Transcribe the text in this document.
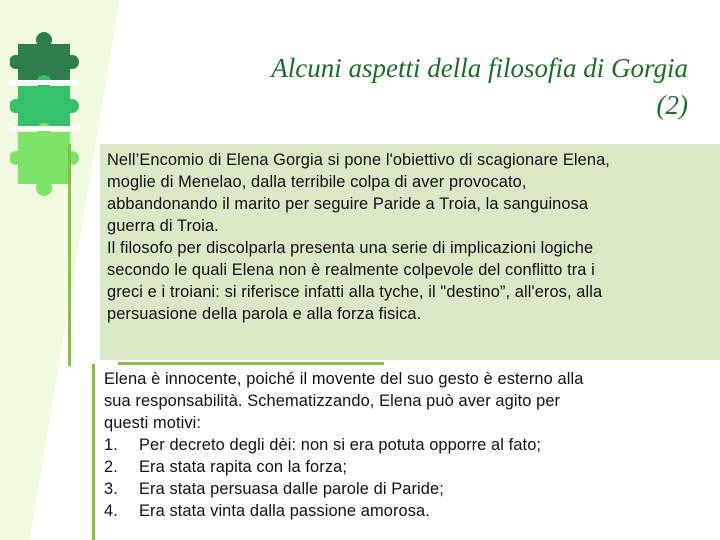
Alcuni aspetti della filosofia di Gorgia
(2)
Nell’Encomio di Elena Gorgia si pone l'obiettivo di scagionare Elena,
moglie di Menelao, dalla terribile colpa di aver provocato,
abbandonando il marito per seguire Paride a Troia, la sanguinosa
guerra di Troia.
Il filosofo per discolparla presenta una serie di implicazioni logiche
secondo le quali Elena non è realmente colpevole del conflitto tra i
greci e i troiani: si riferisce infatti alla tyche, il "destino”, all'eros, alla
persuasione della parola e alla forza fisica.
Elena è innocente, poiché il movente del suo gesto è esterno alla
sua responsabilità. Schematizzando, Elena può aver agito per
questi motivi:
1. Per decreto degli dèi: non si era potuta opporre al fato;
2. Era stata rapita con la forza;
3. Era stata persuasa dalle parole di Paride;
4. Era stata vinta dalla passione amorosa.
